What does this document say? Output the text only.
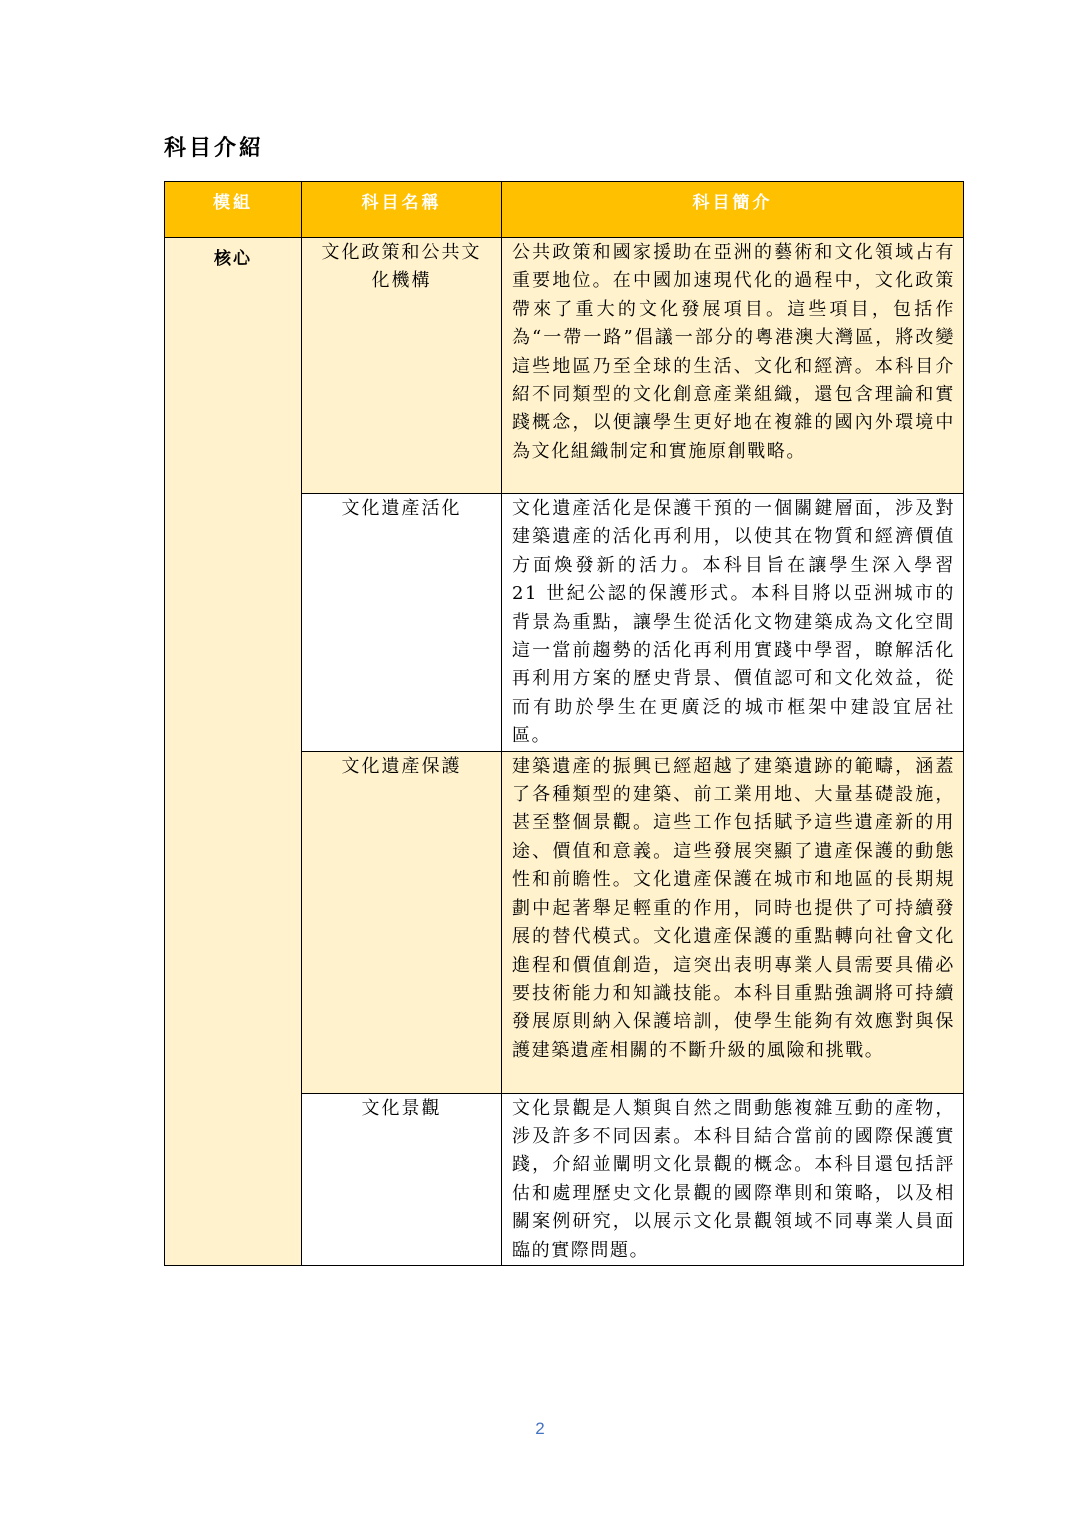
科目介紹
模組	科目名稱	科目簡介
核心	文化政策和公共文化機構	公共政策和國家援助在亞洲的藝術和文化領域占有重要地位。在中國加速現代化的過程中，文化政策帶來了重大的文化發展項目。這些項目，包括作為“一帶一路”倡議一部分的粵港澳大灣區，將改變這些地區乃至全球的生活、文化和經濟。本科目介紹不同類型的文化創意產業組織，還包含理論和實踐概念，以便讓學生更好地在複雜的國內外環境中為文化組織制定和實施原創戰略。
	文化遺產活化	文化遺產活化是保護干預的一個關鍵層面，涉及對建築遺產的活化再利用，以使其在物質和經濟價值方面煥發新的活力。本科目旨在讓學生深入學習 21 世紀公認的保護形式。本科目將以亞洲城市的背景為重點，讓學生從活化文物建築成為文化空間這一當前趨勢的活化再利用實踐中學習，瞭解活化再利用方案的歷史背景、價值認可和文化效益，從而有助於學生在更廣泛的城市框架中建設宜居社區。
	文化遺產保護	建築遺產的振興已經超越了建築遺跡的範疇，涵蓋了各種類型的建築、前工業用地、大量基礎設施，甚至整個景觀。這些工作包括賦予這些遺產新的用途、價值和意義。這些發展突顯了遺產保護的動態性和前瞻性。文化遺產保護在城市和地區的長期規劃中起著舉足輕重的作用，同時也提供了可持續發展的替代模式。文化遺產保護的重點轉向社會文化進程和價值創造，這突出表明專業人員需要具備必要技術能力和知識技能。本科目重點強調將可持續發展原則納入保護培訓，使學生能夠有效應對與保護建築遺產相關的不斷升級的風險和挑戰。
	文化景觀	文化景觀是人類與自然之間動態複雜互動的產物，涉及許多不同因素。本科目結合當前的國際保護實踐，介紹並闡明文化景觀的概念。本科目還包括評估和處理歷史文化景觀的國際準則和策略，以及相關案例研究，以展示文化景觀領域不同專業人員面臨的實際問題。
2
